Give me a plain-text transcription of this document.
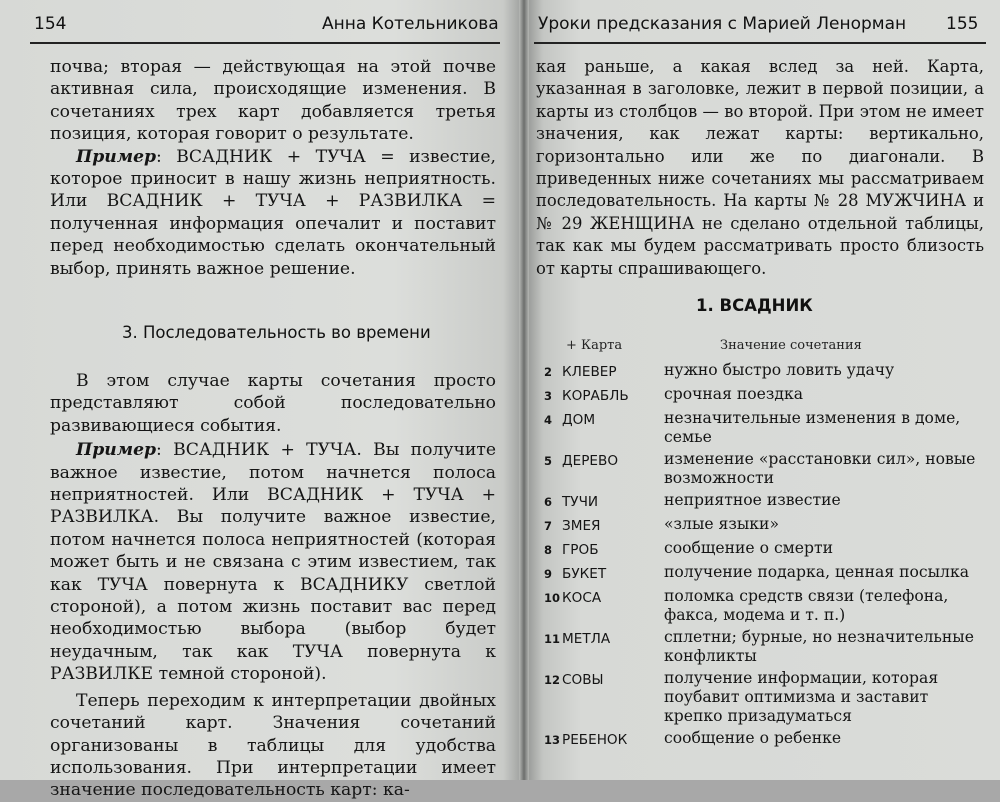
154	Анна Котельникова

почва; вторая — действующая на этой почве активная сила, происходящие изменения. В сочетаниях трех карт добавляется третья позиция, которая говорит о результате.

Пример: ВСАДНИК + ТУЧА = известие, которое приносит в нашу жизнь неприятность. Или ВСАДНИК + ТУЧА + РАЗВИЛКА = полученная информация опечалит и поставит перед необходимостью сделать окончательный выбор, принять важное решение.

3. Последовательность во времени

В этом случае карты сочетания просто представляют собой последовательно развивающиеся события.

Пример: ВСАДНИК + ТУЧА. Вы получите важное известие, потом начнется полоса неприятностей. Или ВСАДНИК + ТУЧА + РАЗВИЛКА. Вы получите важное известие, потом начнется полоса неприятностей (которая может быть и не связана с этим известием, так как ТУЧА повернута к ВСАДНИКУ светлой стороной), а потом жизнь поставит вас перед необходимостью выбора (выбор будет неудачным, так как ТУЧА повернута к РАЗВИЛКЕ темной стороной).

Теперь переходим к интерпретации двойных сочетаний карт. Значения сочетаний организованы в таблицы для удобства использования. При интерпретации имеет значение последовательность карт: ка-

Уроки предсказания с Марией Ленорман 155

кая раньше, а какая вслед за ней. Карта, указанная в заголовке, лежит в первой позиции, а карты из столбцов — во второй. При этом не имеет значения, как лежат карты: вертикально, горизонтально или же по диагонали. В приведенных ниже сочетаниях мы рассматриваем последовательность. На карты № 28 МУЖЧИНА и № 29 ЖЕНЩИНА не сделано отдельной таблицы, так как мы будем рассматривать просто близость от карты спрашивающего.

1. ВСАДНИК
+ Карта	Значение сочетания
2 КЛЕВЕР	нужно быстро ловить удачу
3 КОРАБЛЬ	срочная поездка
4 ДОМ	незначительные изменения в доме, семье
5 ДЕРЕВО	изменение «расстановки сил», новые возможности
6 ТУЧИ	неприятное известие
7 ЗМЕЯ	«злые языки»
8 ГРОБ	сообщение о смерти
9 БУКЕТ	получение подарка, ценная посылка
10 КОСА	поломка средств связи (телефона, факса, модема и т. п.)
11 МЕТЛА	сплетни; бурные, но незначительные конфликты
12 СОВЫ	получение информации, которая поубавит оптимизма и заставит крепко призадуматься
13 РЕБЕНОК	сообщение о ребенке
